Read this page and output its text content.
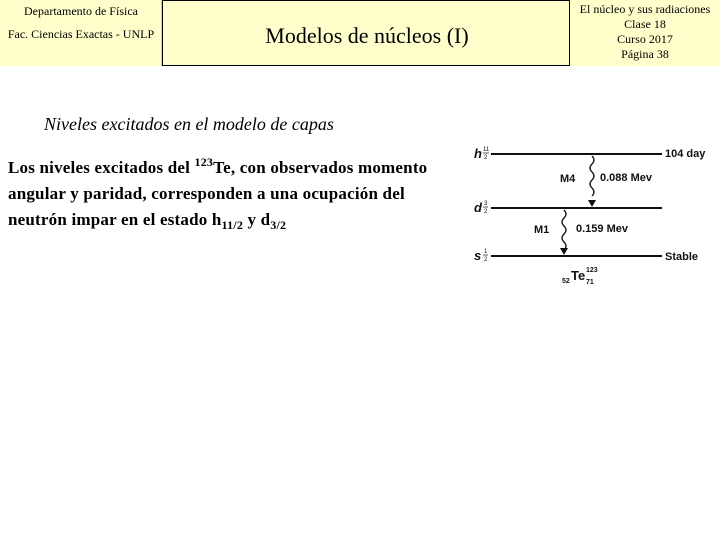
Departamento de Física
Fac. Ciencias Exactas - UNLP	Modelos de núcleos (I)
El núcleo y sus radiaciones
Clase 18
Curso 2017
Página 38
Niveles excitados en el modelo de capas
Los niveles excitados del $^{123}$Te, con observados momento angular y paridad, corresponden a una ocupación del neutrón impar en el estado $h_{11/2}$ y $d_{3/2}$
h 11
2
d 3
2
s 1
2
104 day
Stable
M4 0.088 Mev
M1 0.159 Mev
52 Te 123
71
